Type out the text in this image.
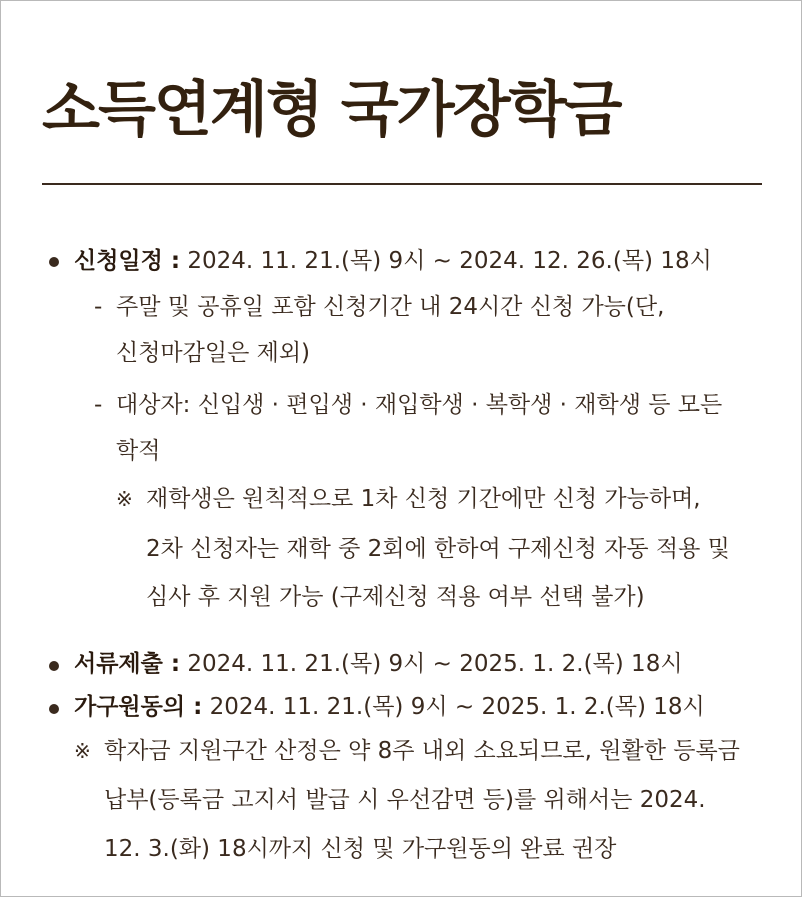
소득연계형 국가장학금
신청일정 : 2024. 11. 21.(목) 9시 ~ 2024. 12. 26.(목) 18시
- 주말 및 공휴일 포함 신청기간 내 24시간 신청 가능(단,
신청마감일은 제외)
- 대상자: 신입생 · 편입생 · 재입학생 · 복학생 · 재학생 등 모든
학적
※ 재학생은 원칙적으로 1차 신청 기간에만 신청 가능하며,
2차 신청자는 재학 중 2회에 한하여 구제신청 자동 적용 및
심사 후 지원 가능 (구제신청 적용 여부 선택 불가)
서류제출 : 2024. 11. 21.(목) 9시 ~ 2025. 1. 2.(목) 18시
가구원동의 : 2024. 11. 21.(목) 9시 ~ 2025. 1. 2.(목) 18시
※ 학자금 지원구간 산정은 약 8주 내외 소요되므로, 원활한 등록금
납부(등록금 고지서 발급 시 우선감면 등)를 위해서는 2024.
12. 3.(화) 18시까지 신청 및 가구원동의 완료 권장
